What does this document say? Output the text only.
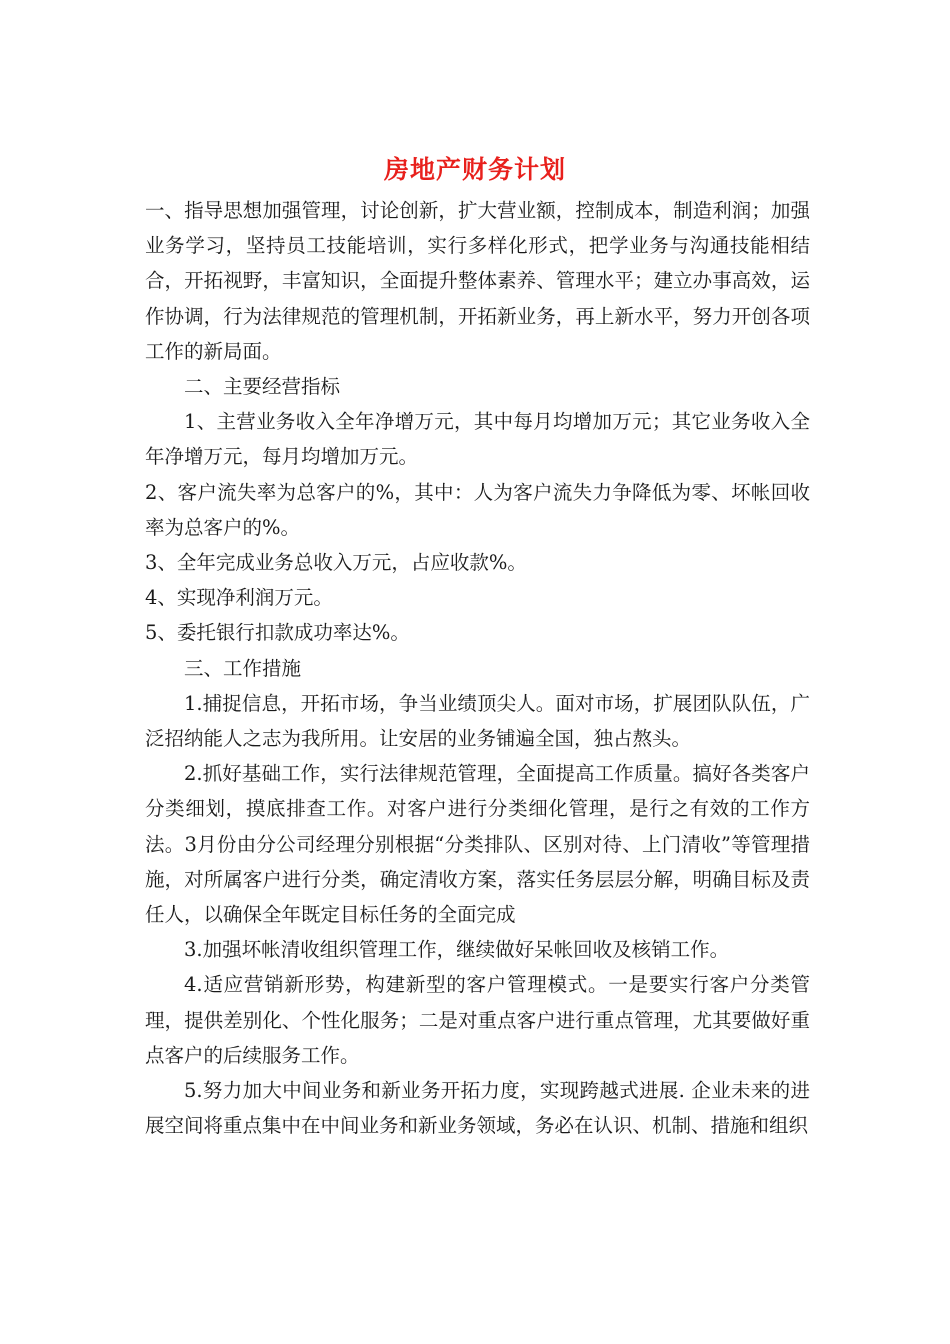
房地产财务计划

一、指导思想加强管理，讨论创新，扩大营业额，控制成本，制造利润；加强业务学习，坚持员工技能培训，实行多样化形式，把学业务与沟通技能相结合，开拓视野，丰富知识，全面提升整体素养、管理水平；建立办事高效，运作协调，行为法律规范的管理机制，开拓新业务，再上新水平，努力开创各项工作的新局面。

二、主要经营指标

1、主营业务收入全年净增万元，其中每月均增加万元；其它业务收入全年净增万元，每月均增加万元。

2、客户流失率为总客户的%，其中：人为客户流失力争降低为零、坏帐回收率为总客户的%。

3、全年完成业务总收入万元，占应收款%。

4、实现净利润万元。

5、委托银行扣款成功率达%。

三、工作措施

1.捕捉信息，开拓市场，争当业绩顶尖人。面对市场，扩展团队队伍，广泛招纳能人之志为我所用。让安居的业务铺遍全国，独占熬头。

2.抓好基础工作，实行法律规范管理，全面提高工作质量。搞好各类客户分类细划，摸底排查工作。对客户进行分类细化管理，是行之有效的工作方法。3月份由分公司经理分别根据“分类排队、区别对待、上门清收”等管理措施，对所属客户进行分类，确定清收方案，落实任务层层分解，明确目标及责任人，以确保全年既定目标任务的全面完成

3.加强坏帐清收组织管理工作，继续做好呆帐回收及核销工作。

4.适应营销新形势，构建新型的客户管理模式。一是要实行客户分类管理，提供差别化、个性化服务；二是对重点客户进行重点管理，尤其要做好重点客户的后续服务工作。

5.努力加大中间业务和新业务开拓力度，实现跨越式进展. 企业未来的进展空间将重点集中在中间业务和新业务领域，务必在认识、机制、措施和组织
